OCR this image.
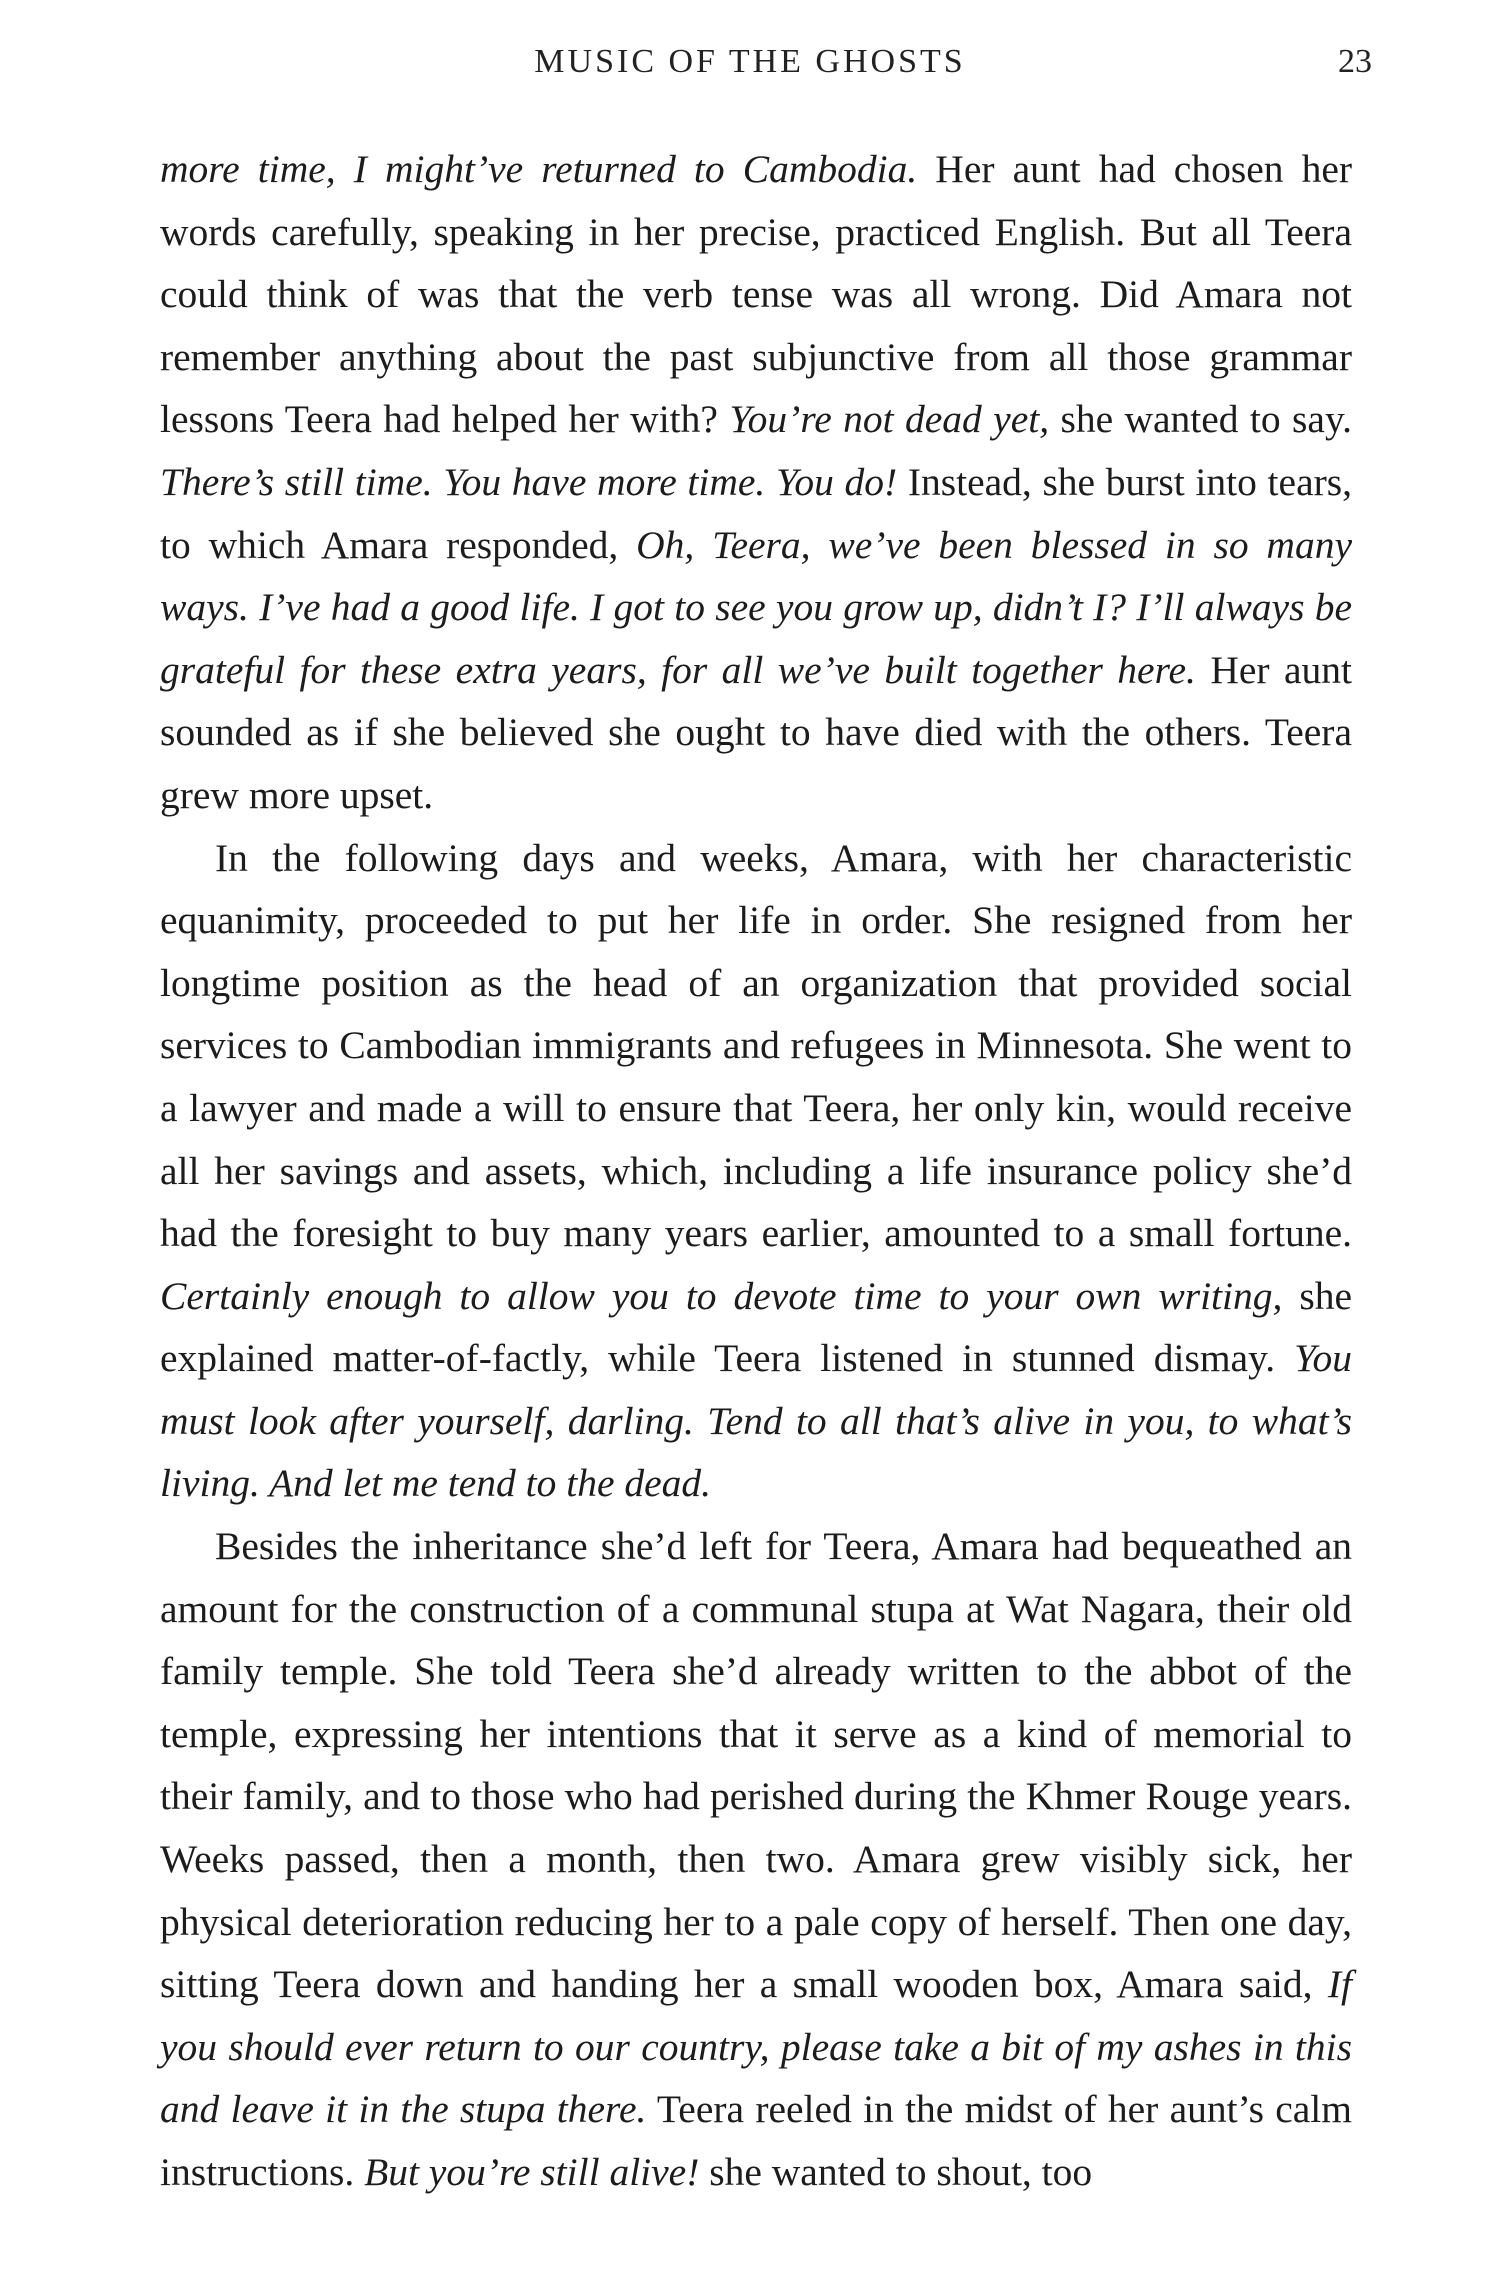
MUSIC OF THE GHOSTS	23

more time, I might’ve returned to Cambodia. Her aunt had chosen her words carefully, speaking in her precise, practiced English. But all Teera could think of was that the verb tense was all wrong. Did Amara not remember anything about the past subjunctive from all those grammar lessons Teera had helped her with? You’re not dead yet, she wanted to say. There’s still time. You have more time. You do! Instead, she burst into tears, to which Amara responded, Oh, Teera, we’ve been blessed in so many ways. I’ve had a good life. I got to see you grow up, didn’t I? I’ll always be grateful for these extra years, for all we’ve built together here. Her aunt sounded as if she believed she ought to have died with the others. Teera grew more upset.

In the following days and weeks, Amara, with her characteristic equanimity, proceeded to put her life in order. She resigned from her longtime position as the head of an organization that provided social services to Cambodian immigrants and refugees in Minnesota. She went to a lawyer and made a will to ensure that Teera, her only kin, would receive all her savings and assets, which, including a life insurance policy she’d had the foresight to buy many years earlier, amounted to a small fortune. Certainly enough to allow you to devote time to your own writing, she explained matter-of-factly, while Teera listened in stunned dismay. You must look after yourself, darling. Tend to all that’s alive in you, to what’s living. And let me tend to the dead.

Besides the inheritance she’d left for Teera, Amara had bequeathed an amount for the construction of a communal stupa at Wat Nagara, their old family temple. She told Teera she’d already written to the abbot of the temple, expressing her intentions that it serve as a kind of memorial to their family, and to those who had perished during the Khmer Rouge years. Weeks passed, then a month, then two. Amara grew visibly sick, her physical deterioration reducing her to a pale copy of herself. Then one day, sitting Teera down and handing her a small wooden box, Amara said, If you should ever return to our country, please take a bit of my ashes in this and leave it in the stupa there. Teera reeled in the midst of her aunt’s calm instructions. But you’re still alive! she wanted to shout, too
